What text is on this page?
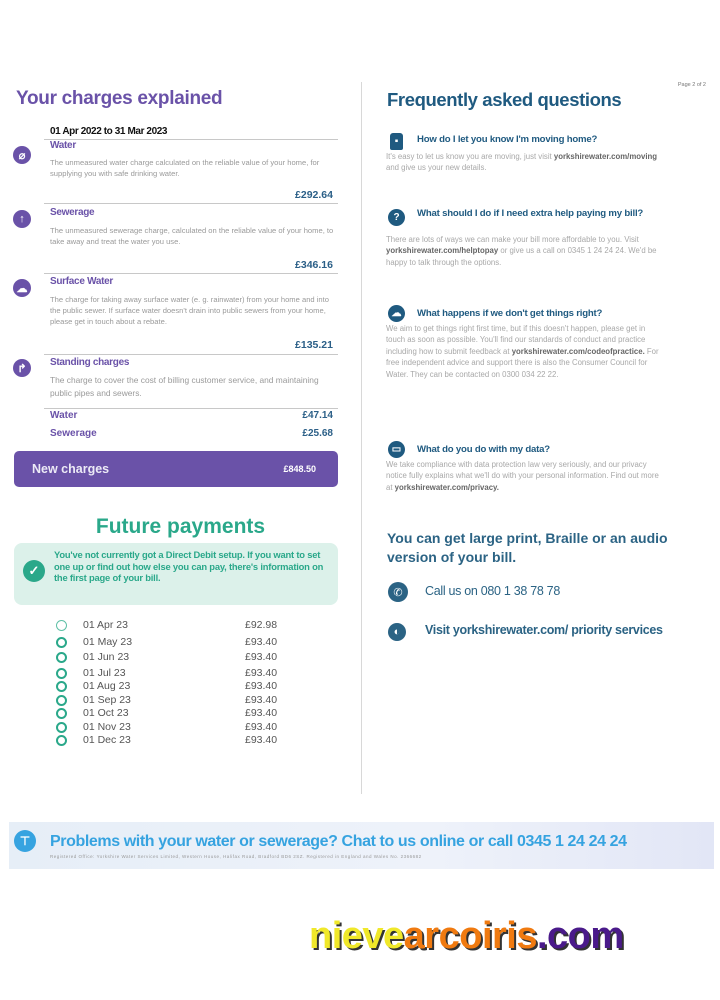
Your charges explained
01 Apr 2022 to 31 Mar 2023
⌀
Water
The unmeasured water charge calculated on the reliable value of your home, for supplying you with safe drinking water.
£292.64
↑
Sewerage
The unmeasured sewerage charge, calculated on the reliable value of your home, to take away and treat the water you use.
£346.16
☁
Surface Water
The charge for taking away surface water (e. g. rainwater) from your home and into the public sewer. If surface water doesn't drain into public sewers from your home, please get in touch about a rebate.
£135.21
↱	Standing charges
The charge to cover the cost of billing customer service, and maintaining public pipes and sewers.
Water	£47.14
Sewerage	£25.68
New charges	£848.50
Future payments
✓
You've not currently got a Direct Debit setup. If you want to set one up or find out how else you can pay, there's information on the first page of your bill.
01 Apr 23	£92.98
01 May 23	£93.40
01 Jun 23	£93.40
01 Jul 23	£93.40
01 Aug 23	£93.40
01 Sep 23	£93.40
01 Oct 23	£93.40
01 Nov 23	£93.40
01 Dec 23	£93.40
Page 2 of 2
Frequently asked questions
▪	How do I let you know I'm moving home?
It's easy to let us know you are moving, just visit yorkshirewater.com/moving and give us your new details.
?	What should I do if I need extra help paying my bill?
There are lots of ways we can make your bill more affordable to you. Visit yorkshirewater.com/helptopay or give us a call on 0345 1 24 24 24. We'd be happy to talk through the options.
☁	What happens if we don't get things right?
We aim to get things right first time, but if this doesn't happen, please get in touch as soon as possible. You'll find our standards of conduct and practice including how to submit feedback at yorkshirewater.com/codeofpractice. For free independent advice and support there is also the Consumer Council for Water. They can be contacted on 0300 034 22 22.
▭	What do you do with my data?
We take compliance with data protection law very seriously, and our privacy notice fully explains what we'll do with your personal information. Find out more at yorkshirewater.com/privacy.
You can get large print, Braille or an audio version of your bill.
✆	Call us on 080 1 38 78 78
◐	Visit yorkshirewater.com/ priority services
⊤	Problems with your water or sewerage? Chat to us online or call 0345 1 24 24 24
Registered Office: Yorkshire Water Services Limited, Western House, Halifax Road, Bradford BD6 2SZ. Registered in England and Wales No. 2366682
nievearcoiris.com
